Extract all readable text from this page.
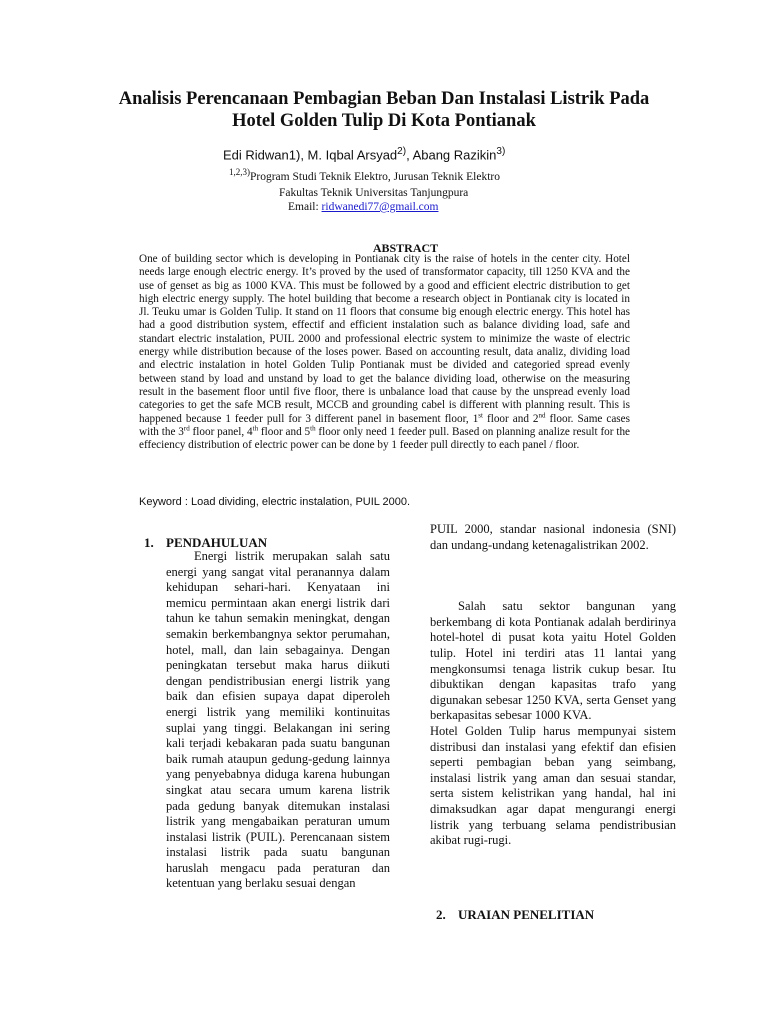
Analisis Perencanaan Pembagian Beban Dan Instalasi Listrik Pada
Hotel Golden Tulip Di Kota Pontianak
Edi Ridwan1), M. Iqbal Arsyad$^{2)}$, Abang Razikin$^{3)}$
$^{1,2,3)}$Program Studi Teknik Elektro, Jurusan Teknik Elektro
Fakultas Teknik Universitas Tanjungpura
Email: ridwanedi77@gmail.com
ABSTRACT
One of building sector which is developing in Pontianak city is the raise of hotels in the center city. Hotel needs large enough electric energy. It’s proved by the used of transformator capacity, till 1250 KVA and the use of genset as big as 1000 KVA. This must be followed by a good and efficient electric distribution to get high electric energy supply. The hotel building that become a research object in Pontianak city is located in Jl. Teuku umar is Golden Tulip. It stand on 11 floors that consume big enough electric energy. This hotel has had a good distribution system, effectif and efficient instalation such as balance dividing load, safe and standart electric instalation, PUIL 2000 and professional electric system to minimize the waste of electric energy while distribution because of the loses power. Based on accounting result, data analiz, dividing load and electric instalation in hotel Golden Tulip Pontianak must be divided and categoried spread evenly between stand by load and unstand by load to get the balance dividing load, otherwise on the measuring result in the basement floor until five floor, there is unbalance load that cause by the unspread evenly load categories to get the safe MCB result, MCCB and grounding cabel is different with planning result. This is happened because 1 feeder pull for 3 different panel in basement floor, 1st floor and 2nd floor. Same cases with the 3rd floor panel, 4th floor and 5th floor only need 1 feeder pull. Based on planning analize result for the effeciency distribution of electric power can be done by 1 feeder pull directly to each panel / floor.
Keyword : Load dividing, electric instalation, PUIL 2000.
1. PENDAHULUAN

Energi listrik merupakan salah satu energi yang sangat vital peranannya dalam kehidupan sehari-hari. Kenyataan ini memicu permintaan akan energi listrik dari tahun ke tahun semakin meningkat, dengan semakin berkembangnya sektor perumahan, hotel, mall, dan lain sebagainya. Dengan peningkatan tersebut maka harus diikuti dengan pendistribusian energi listrik yang baik dan efisien supaya dapat diperoleh energi listrik yang memiliki kontinuitas suplai yang tinggi. Belakangan ini sering kali terjadi kebakaran pada suatu bangunan baik rumah ataupun gedung-gedung lainnya yang penyebabnya diduga karena hubungan singkat atau secara umum karena listrik pada gedung banyak ditemukan instalasi listrik yang mengabaikan peraturan umum instalasi listrik (PUIL). Perencanaan sistem instalasi listrik pada suatu bangunan haruslah mengacu pada peraturan dan ketentuan yang berlaku sesuai dengan

PUIL 2000, standar nasional indonesia (SNI) dan undang-undang ketenagalistrikan 2002.

Salah satu sektor bangunan yang berkembang di kota Pontianak adalah berdirinya hotel-hotel di pusat kota yaitu Hotel Golden tulip. Hotel ini terdiri atas 11 lantai yang mengkonsumsi tenaga listrik cukup besar. Itu dibuktikan dengan kapasitas trafo yang digunakan sebesar 1250 KVA, serta Genset yang berkapasitas sebesar 1000 KVA.

Hotel Golden Tulip harus mempunyai sistem distribusi dan instalasi yang efektif dan efisien seperti pembagian beban yang seimbang, instalasi listrik yang aman dan sesuai standar, serta sistem kelistrikan yang handal, hal ini dimaksudkan agar dapat mengurangi energi listrik yang terbuang selama pendistribusian akibat rugi-rugi.

2. URAIAN PENELITIAN
